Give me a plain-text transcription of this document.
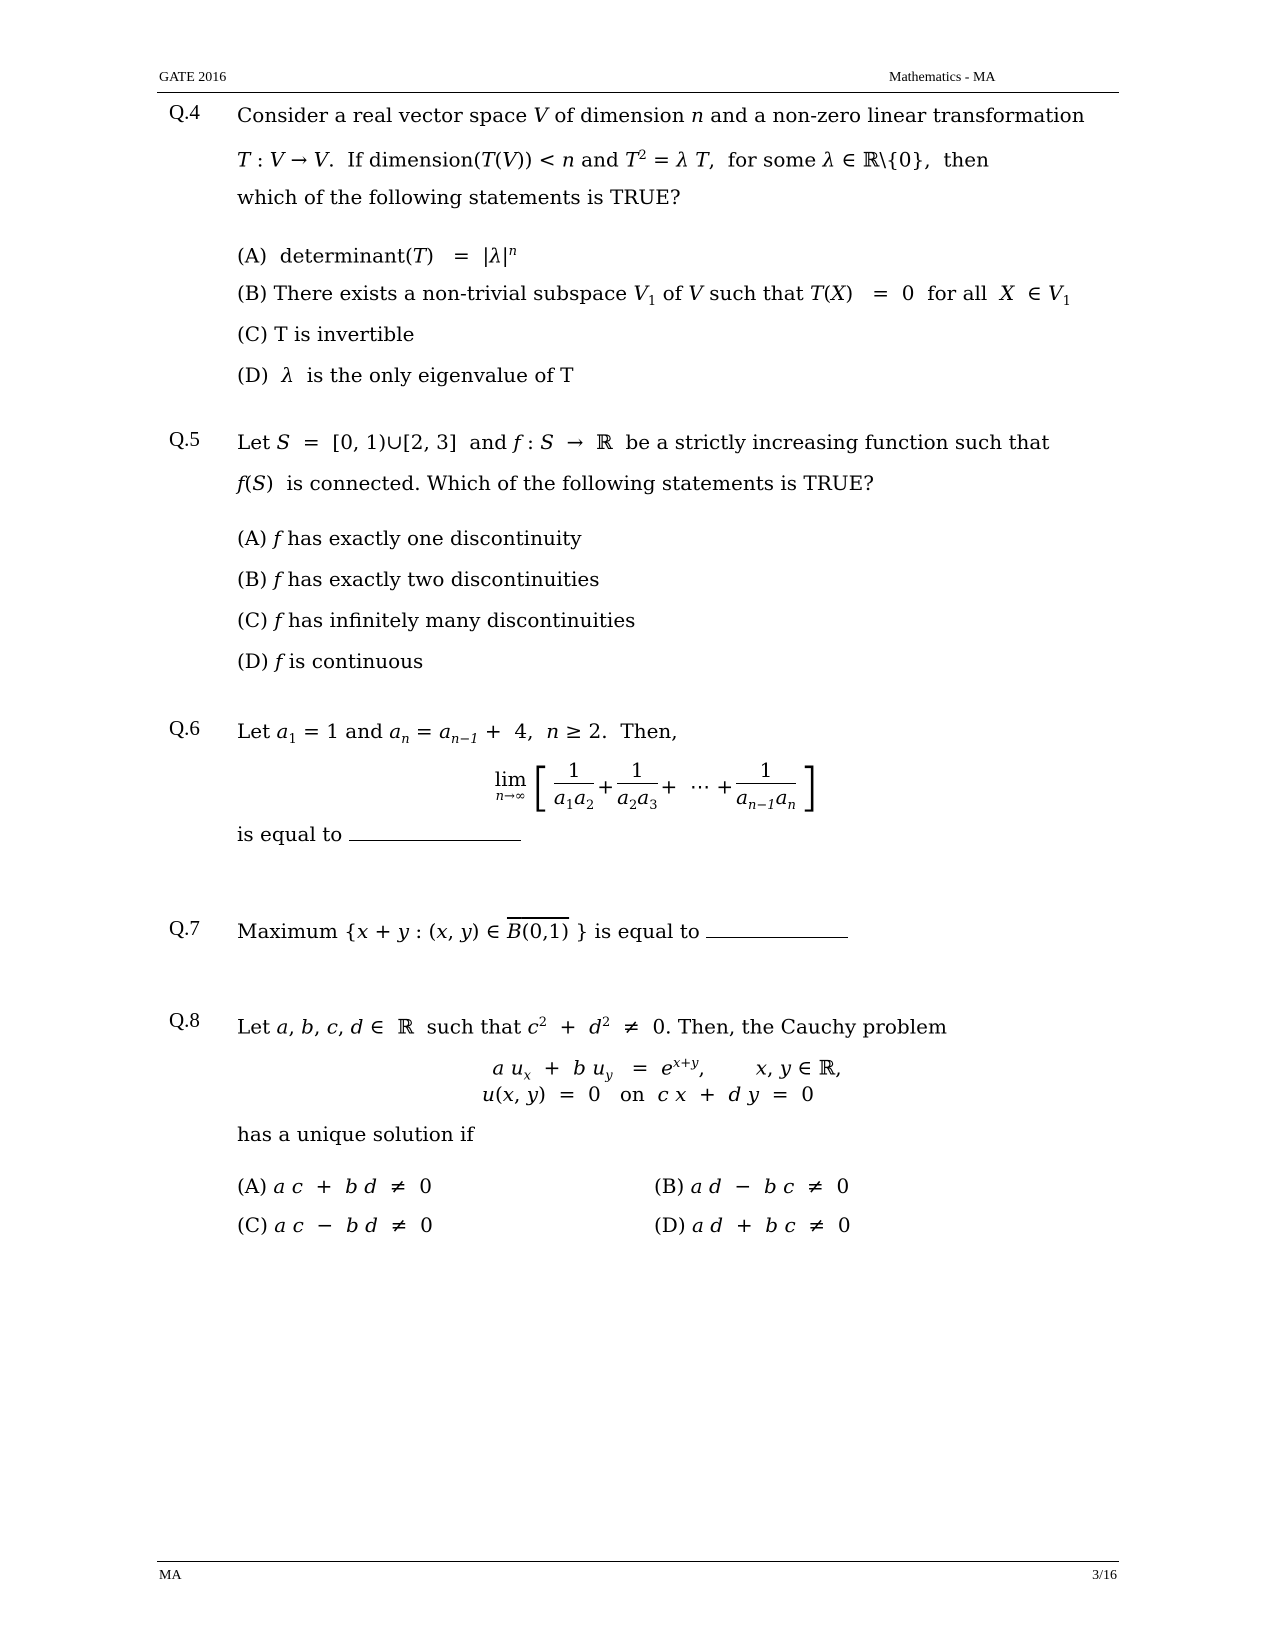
GATE 2016	Mathematics - MA
Q.4 Consider a real vector space V of dimension n and a non-zero linear transformation
T : V → V.  If dimension(T(V)) < n and $T^2 = \lambda$ T,  for some λ ∈ ℝ\{0},  then
which of the following statements is TRUE?
(A) determinant(T)   =  $|\lambda|^n$
(B) There exists a non-trivial subspace $V_1$ of V such that T(X)   =  0  for all X  ∈ $V_1$
(C) T is invertible
(D) λ is the only eigenvalue of T
Q.5 Let S  =  [0, 1)∪[2, 3]  and f : S  →  ℝ  be a strictly increasing function such that
f(S)  is connected. Which of the following statements is TRUE?
(A) f has exactly one discontinuity
(B) f has exactly two discontinuities
(C) f has infinitely many discontinuities
(D) f is continuous
Q.6 Let $a_1 = 1$ and $a_n = a_{n-1} + 4$,  n ≥ 2.  Then,
lim
n→∞ [ $\frac{1}{a_1a_2} + \frac{1}{a_2a_3}$ +  ⋯ + $\frac{1}{a_{n-1}a_n}$ ]
is equal to
Q.7 Maximum {x + y : (x, y) ∈ B(0,1) } is equal to
Q.8 Let a, b, c, d ∈  ℝ  such that $c^2 + d^2 \ne 0$. Then, the Cauchy problem
a $u_x + b$ $u_y = e^{x+y}$,        x, y ∈ ℝ,
u(x, y)  =  0   on c x  +  d y  =  0
has a unique solution if
(A) a c  +  b d  ≠  0	(B) a d  −  b c  ≠  0
(C) a c  −  b d  ≠  0	(D) a d  +  b c  ≠  0
MA	3/16
